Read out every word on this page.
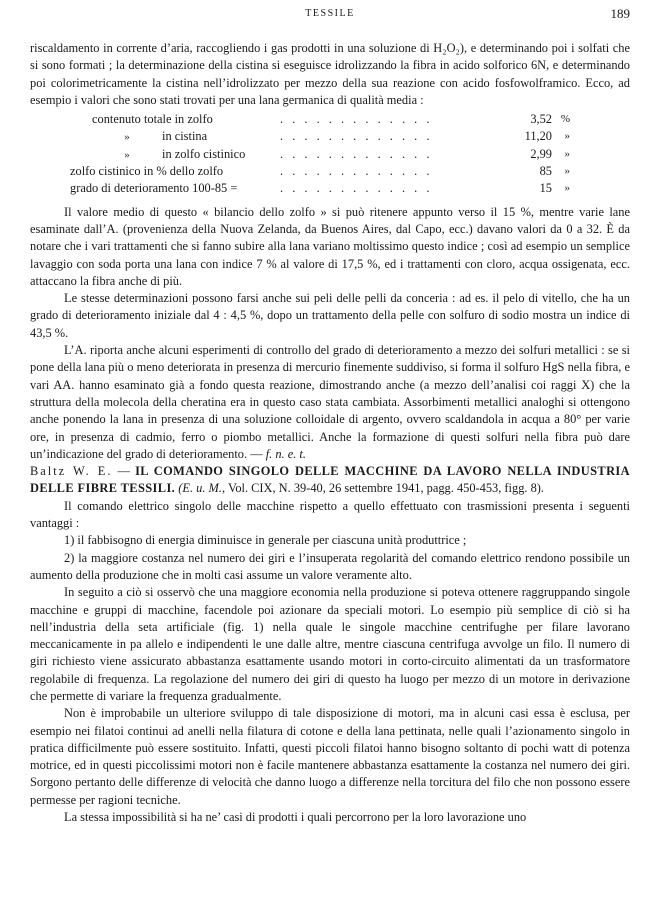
TESSILE	189

riscaldamento in corrente d’aria, raccogliendo i gas prodotti in una soluzione di H₂O₂), e determinando poi i solfati che si sono formati ; la determinazione della cistina si eseguisce idrolizzando la fibra in acido solforico 6N, e determinando poi colorimetricamente la cistina nell’idrolizzato per mezzo della sua reazione con acido fosfowolframico. Ecco, ad esempio i valori che sono stati trovati per una lana germanica di qualità media :

contenuto totale in zolfo	. . . . . . . . . . . . .	3,52 %
»	in cistina	. . . . . . . . . . . . .	11,20 »
»	in zolfo cistinico	. . . . . . . . . . . . .	2,99 »
zolfo cistinico in % dello zolfo	. . . . . . . . . . . . .	85 »
grado di deterioramento 100-85 =	. . . . . . . . . . . . .	15 »

Il valore medio di questo « bilancio dello zolfo » si può ritenere appunto verso il 15 %, mentre varie lane esaminate dall’A. (provenienza della Nuova Zelanda, da Buenos Aires, dal Capo, ecc.) davano valori da 0 a 32. È da notare che i vari trattamenti che si fanno subire alla lana variano moltissimo questo indice ; così ad esempio un semplice lavaggio con soda porta una lana con indice 7 % al valore di 17,5 %, ed i trattamenti con cloro, acqua ossigenata, ecc. attaccano la fibra anche di più.

Le stesse determinazioni possono farsi anche sui peli delle pelli da conceria : ad es. il pelo di vitello, che ha un grado di deterioramento iniziale dal 4 : 4,5 %, dopo un trattamento della pelle con solfuro di sodio mostra un indice di 43,5 %.

L’A. riporta anche alcuni esperimenti di controllo del grado di deterioramento a mezzo dei solfuri metallici : se si pone della lana più o meno deteriorata in presenza di mercurio finemente suddiviso, si forma il solfuro HgS nella fibra, e vari AA. hanno esaminato già a fondo questa reazione, dimostrando anche (a mezzo dell’analisi coi raggi X) che la struttura della molecola della cheratina era in questo caso stata cambiata. Assorbimenti metallici analoghi si ottengono anche ponendo la lana in presenza di una soluzione colloidale di argento, ovvero scaldandola in acqua a 80° per varie ore, in presenza di cadmio, ferro o piombo metallici. Anche la formazione di questi solfuri nella fibra può dare un’indicazione del grado di deterioramento. — f. n. e. t.

Baltz W. E. — IL COMANDO SINGOLO DELLE MACCHINE DA LAVORO NELLA INDUSTRIA DELLE FIBRE TESSILI. (E. u. M., Vol. CIX, N. 39-40, 26 settembre 1941, pagg. 450-453, figg. 8).

Il comando elettrico singolo delle macchine rispetto a quello effettuato con trasmissioni presenta i seguenti vantaggi :

1) il fabbisogno di energia diminuisce in generale per ciascuna unità produttrice ;

2) la maggiore costanza nel numero dei giri e l’insuperata regolarità del comando elettrico rendono possibile un aumento della produzione che in molti casi assume un valore veramente alto.

In seguito a ciò si osservò che una maggiore economia nella produzione si poteva ottenere raggruppando singole macchine e gruppi di macchine, facendole poi azionare da speciali motori. Lo esempio più semplice di ciò si ha nell’industria della seta artificiale (fig. 1) nella quale le singole macchine centrifughe per filare lavorano meccanicamente in pa allelo e indipendenti le une dalle altre, mentre ciascuna centrifuga avvolge un filo. Il numero di giri richiesto viene assicurato abbastanza esattamente usando motori in corto-circuito alimentati da un trasformatore regolabile di frequenza. La regolazione del numero dei giri di questo ha luogo per mezzo di un motore in derivazione che permette di variare la frequenza gradualmente.

Non è improbabile un ulteriore sviluppo di tale disposizione di motori, ma in alcuni casi essa è esclusa, per esempio nei filatoi continui ad anelli nella filatura di cotone e della lana pettinata, nelle quali l’azionamento singolo in pratica difficilmente può essere sostituito. Infatti, questi piccoli filatoi hanno bisogno soltanto di pochi watt di potenza motrice, ed in questi piccolissimi motori non è facile mantenere abbastanza esattamente la costanza nel numero dei giri. Sorgono pertanto delle differenze di velocità che danno luogo a differenze nella torcitura del filo che non possono essere permesse per ragioni tecniche.

La stessa impossibilità si ha ne’ casi di prodotti i quali percorrono per la loro lavorazione uno
